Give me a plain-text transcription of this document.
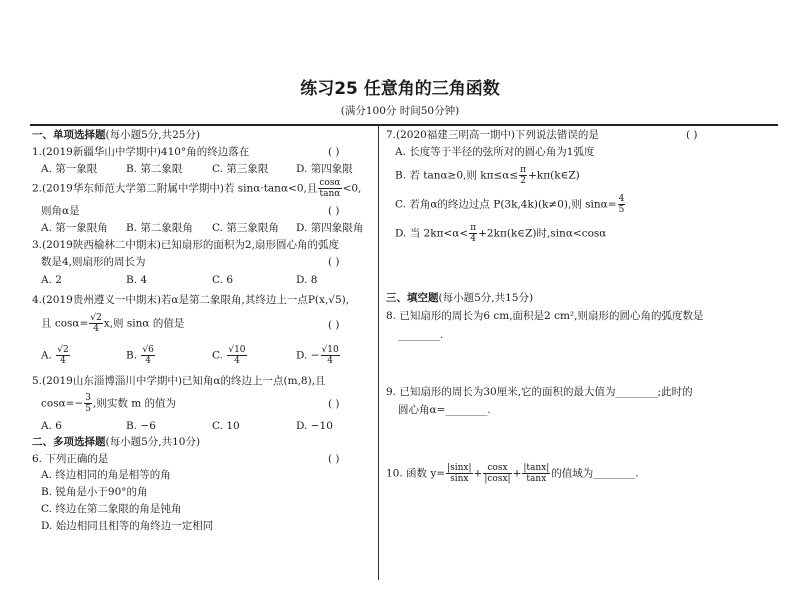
练习25 任意角的三角函数
(满分100分 时间50分钟)
一、单项选择题(每小题5分,共25分)
1.(2019新疆华山中学期中)410°角的终边落在	( )
A. 第一象限	B. 第二象限	C. 第三象限	D. 第四象限
2.(2019华东师范大学第二附属中学期中)若 sinα·tanα<0,且 $\frac{\cos\alpha}{\tan\alpha} <0$,
则角α是	( )
A. 第一象限角 B. 第二象限角 C. 第三象限角 D. 第四象限角
3.(2019陕西榆林二中期末)已知扇形的面积为2,扇形圆心角的弧度
数是4,则扇形的周长为	( )
A. 2	B. 4	C. 6	D. 8
4.(2019贵州遵义一中期末)若α是第二象限角,其终边上一点P(x,√5),
且 $\cos\alpha= \frac{√2}{4} x$,则 sinα 的值是	( )
A. $\frac{√2}{4}$	B. $\frac{√6}{4}$	C. $\frac{√10}{4}$	D. − $\frac{√10}{4}$
5.(2019山东淄博淄川中学期中)已知角α的终边上一点(m,8),且
$\cos\alpha=- \frac{3}{5}$ ,则实数 m 的值为	( )
A. 6	B. −6	C. 10	D. −10
二、多项选择题(每小题5分,共10分)
6. 下列正确的是	( )
A. 终边相同的角是相等的角
B. 锐角是小于90°的角
C. 终边在第二象限的角是钝角
D. 始边相同且相等的角终边一定相同
7.(2020福建三明高一期中)下列说法错误的是	( )
A. 长度等于半径的弦所对的圆心角为1弧度
B. 若 tanα≥0,则 $k\pi\le\alpha\le \frac{\pi}{2}$ +kπ(k∈Z)
C. 若角α的终边过点 P(3k,4k)(k≠0),则 $\sin\alpha= \frac{4}{5}$
D. 当 $2k\pi<\alpha< \frac{\pi}{4}$ +2kπ(k∈Z)时,sinα<cosα
三、填空题(每小题5分,共15分)
8. 已知扇形的周长为6 cm,面积是2 cm²,则扇形的圆心角的弧度数是
________.
9. 已知扇形的周长为30厘米,它的面积的最大值为________;此时的
圆心角α=________.
10. 函数 $y= \frac{|\sin x|}{\sin x} + \frac{\cos x}{|\cos x|} + \frac{|\tan x|}{\tan x}$ 的值域为________.
